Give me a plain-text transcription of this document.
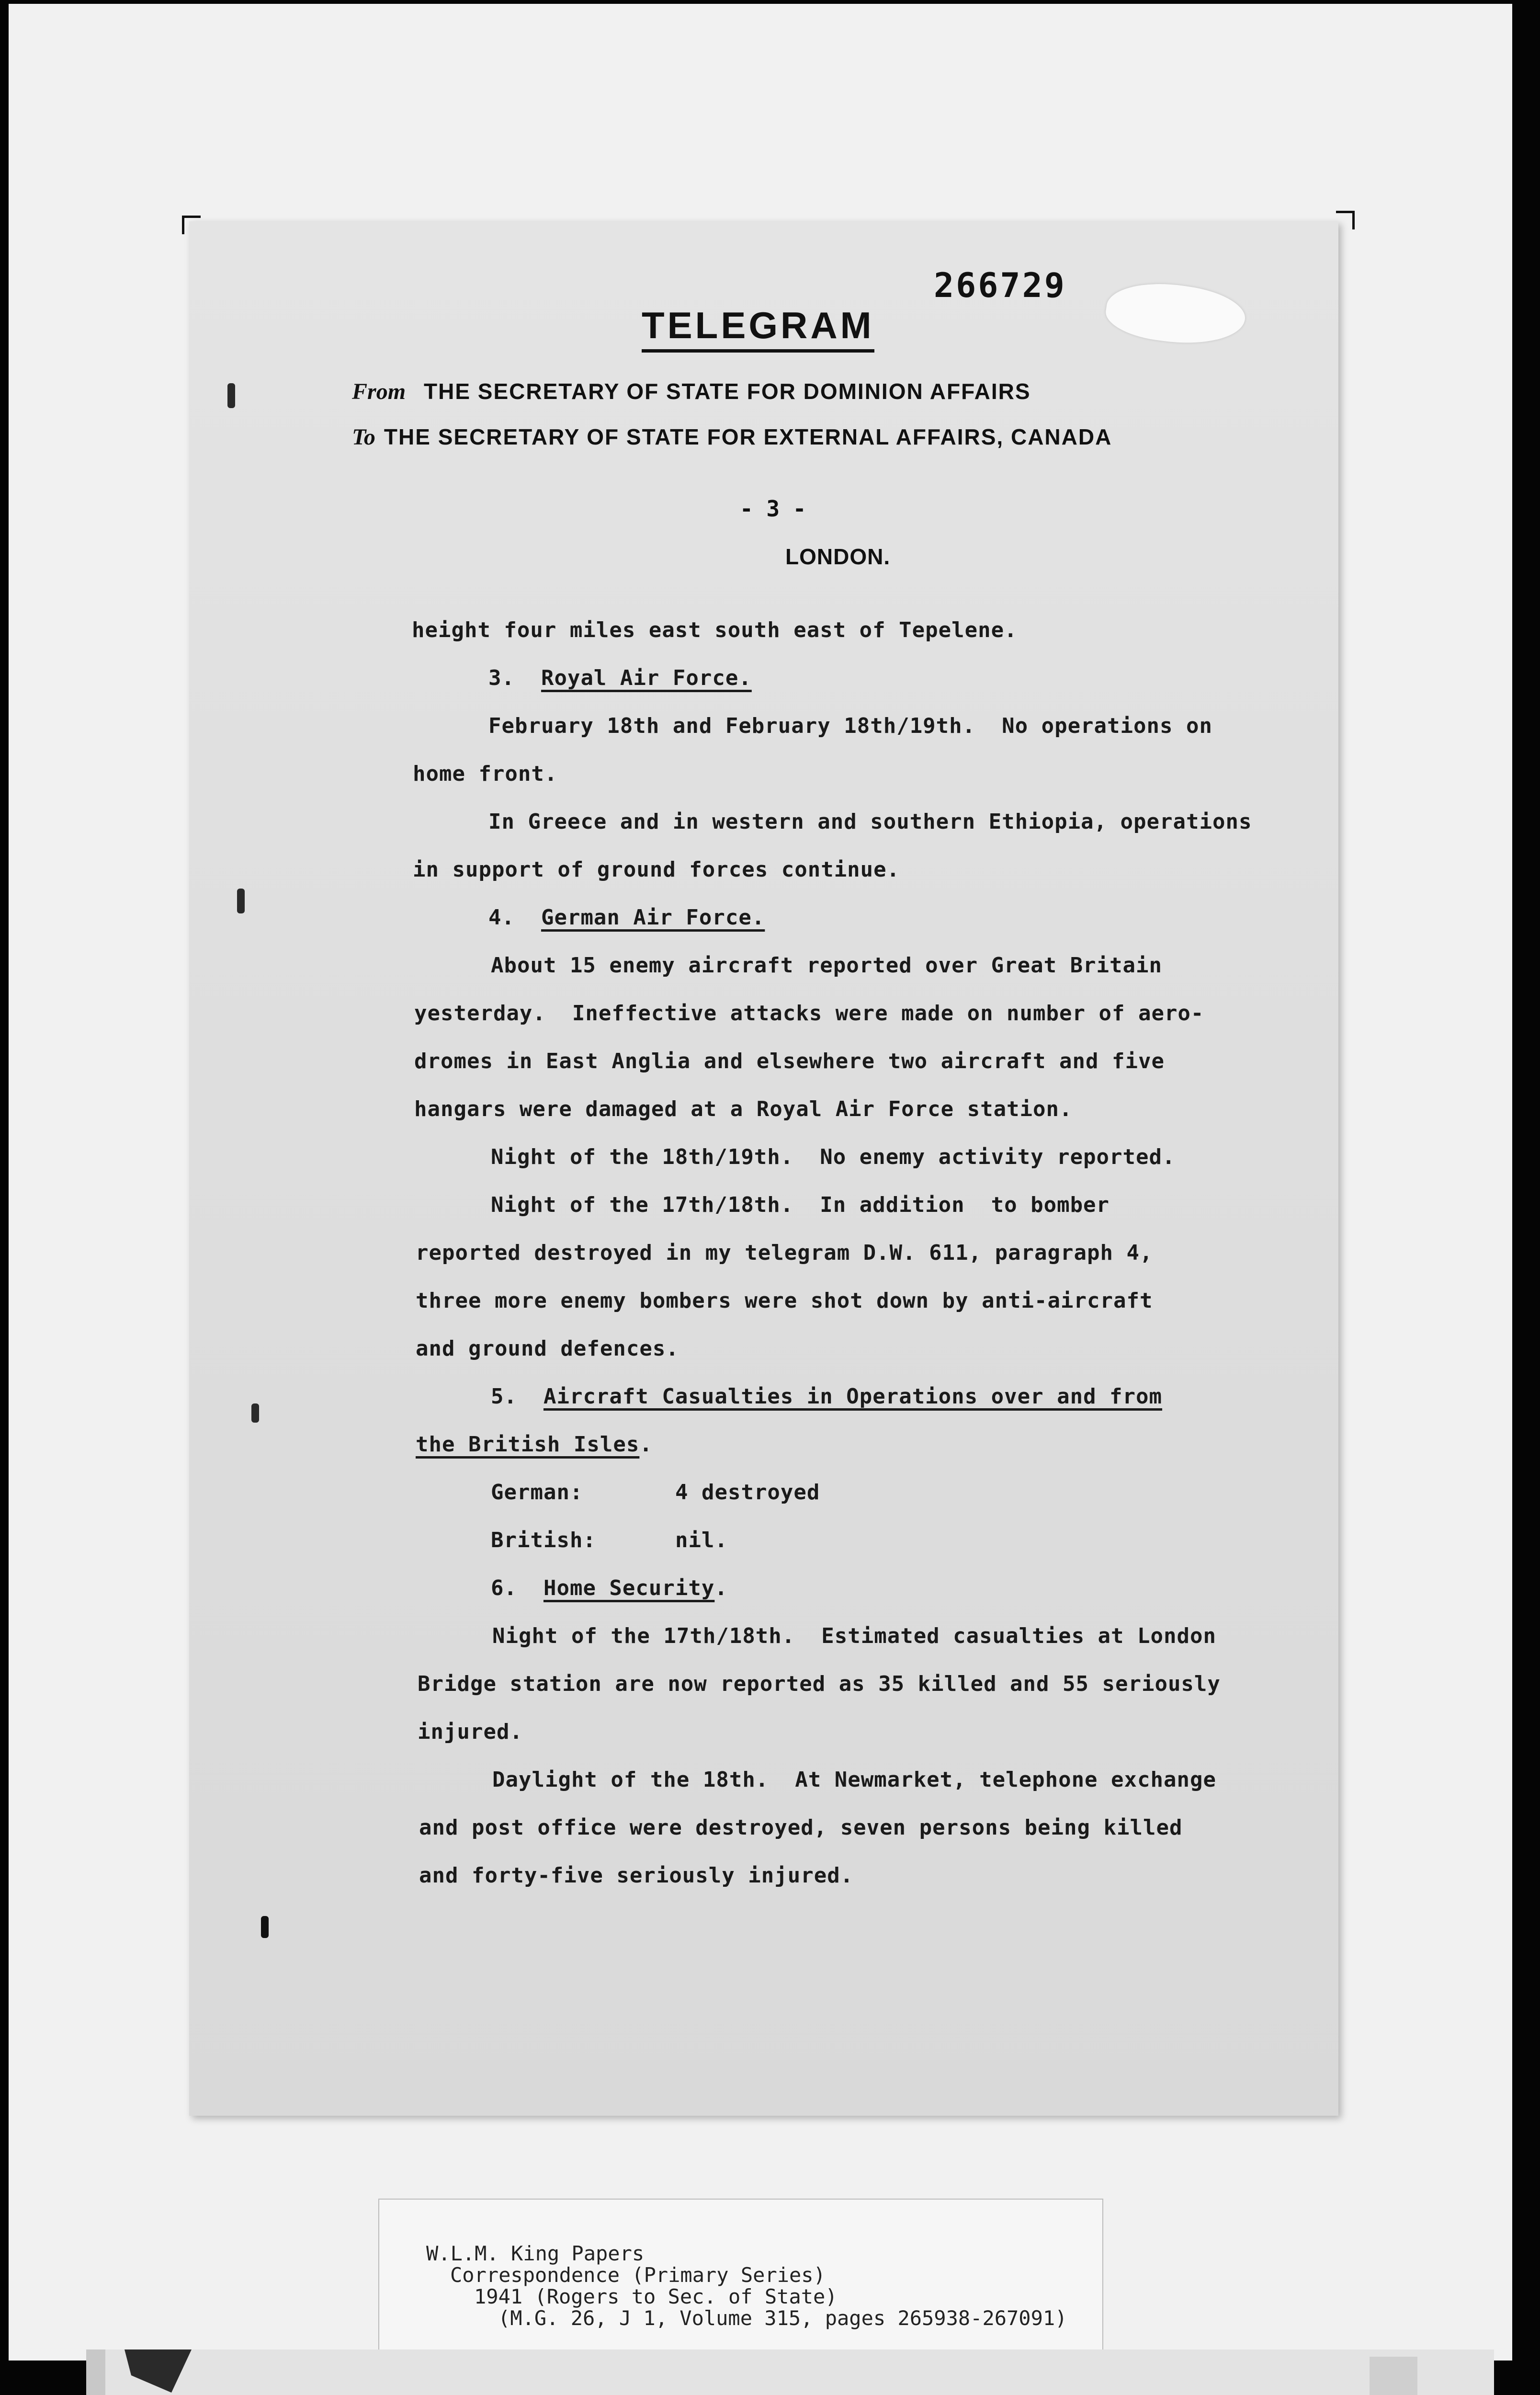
266729
TELEGRAM
From THE SECRETARY OF STATE FOR DOMINION AFFAIRS
To THE SECRETARY OF STATE FOR EXTERNAL AFFAIRS, CANADA
- 3 -
LONDON.
height four miles east south east of Tepelene.
3. Royal Air Force.
February 18th and February 18th/19th.  No operations on
home front.
In Greece and in western and southern Ethiopia, operations
in support of ground forces continue.
4. German Air Force.
About 15 enemy aircraft reported over Great Britain
yesterday.  Ineffective attacks were made on number of aero-
dromes in East Anglia and elsewhere two aircraft and five
hangars were damaged at a Royal Air Force station.
Night of the 18th/19th.  No enemy activity reported.
Night of the 17th/18th.  In addition  to bomber
reported destroyed in my telegram D.W. 611, paragraph 4,
three more enemy bombers were shot down by anti-aircraft
and ground defences.
5. Aircraft Casualties in Operations over and from
the British Isles.
German:	4 destroyed
British:	nil.
6. Home Security.
Night of the 17th/18th.  Estimated casualties at London
Bridge station are now reported as 35 killed and 55 seriously
injured.
Daylight of the 18th.  At Newmarket, telephone exchange
and post office were destroyed, seven persons being killed
and forty-five seriously injured.
W.L.M. King Papers
Correspondence (Primary Series)
1941 (Rogers to Sec. of State)
(M.G. 26, J 1, Volume 315, pages 265938-267091)
